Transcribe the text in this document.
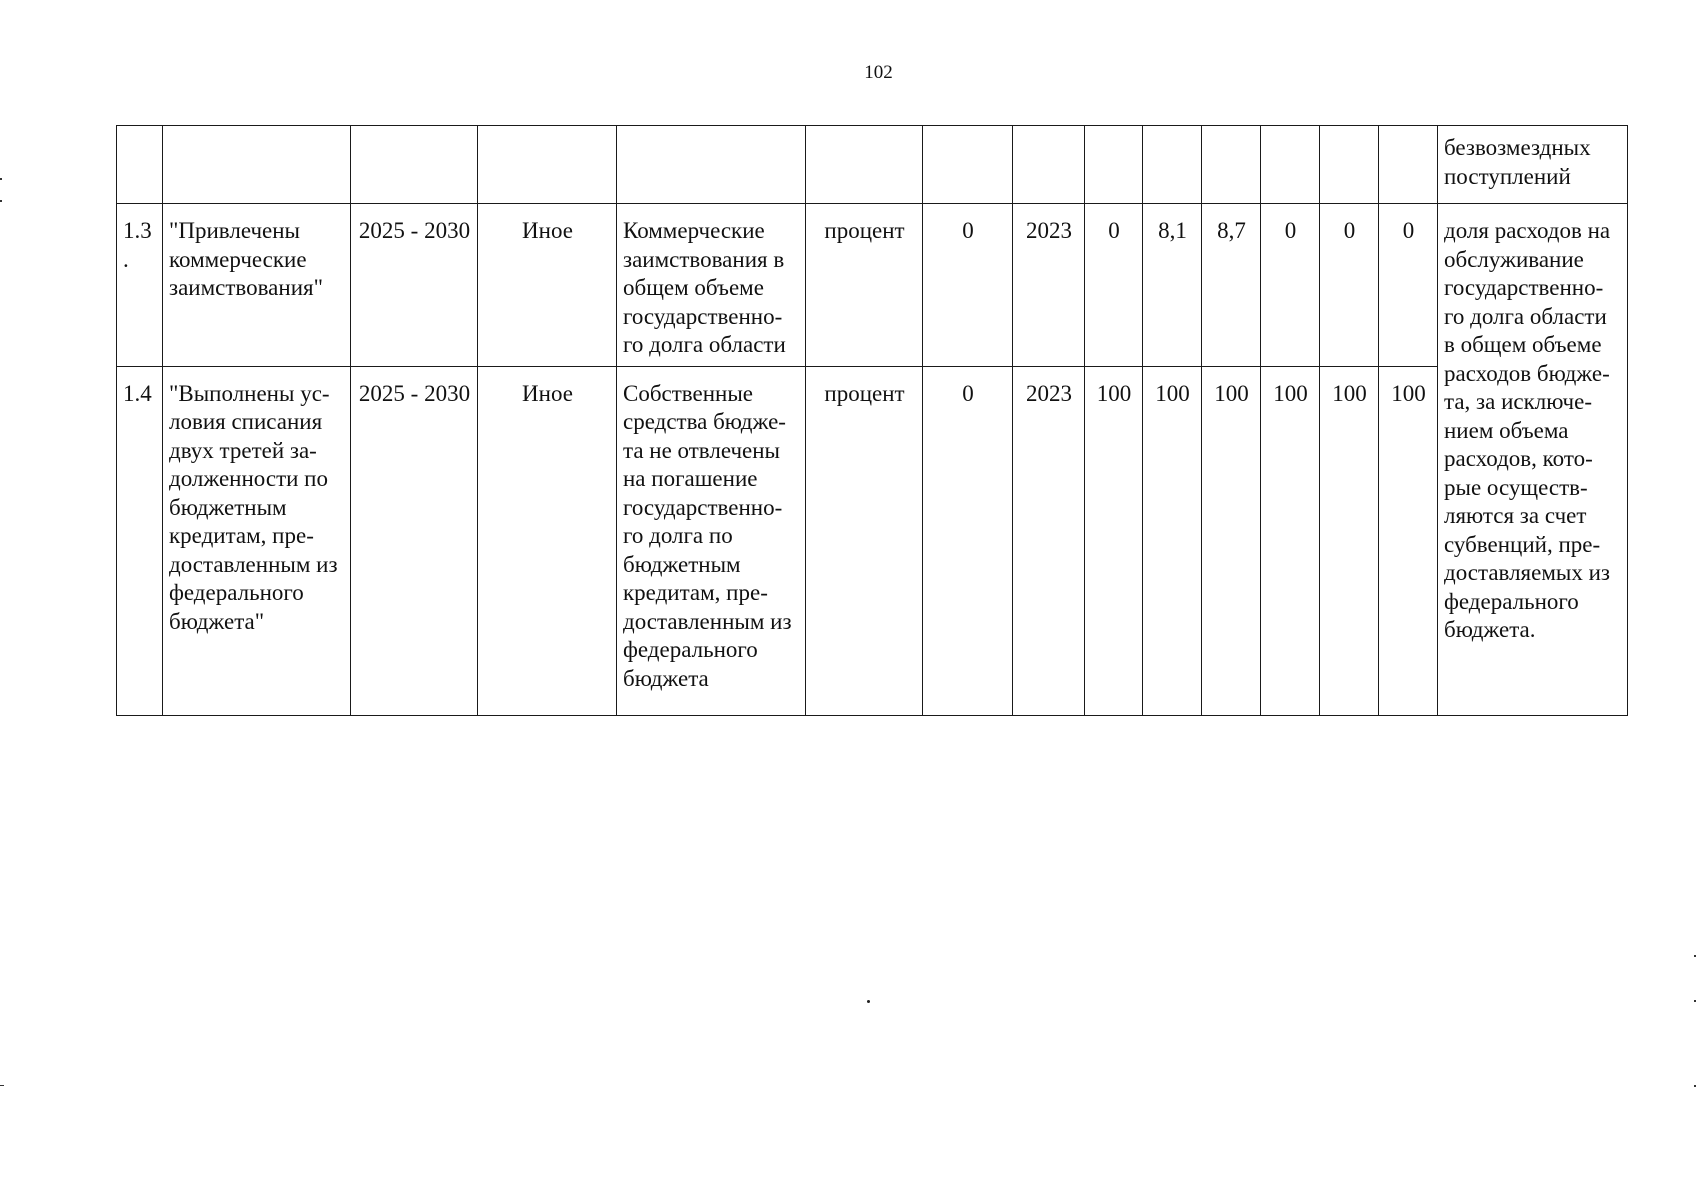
102
														безвозмездных поступлений
1.3 .	"Привлечены коммерческие заимствования"	2025 - 2030	Иное	Коммерческие заимствования в общем объеме государственно- го долга области	процент	0	2023	0	8,1	8,7	0	0	0	доля расходов на обслуживание государственно- го долга области в общем объеме расходов бюдже- та, за исключе- нием объема расходов, кото- рые осуществ- ляются за счет субвенций, пре- доставляемых из федерального бюджета.
1.4	"Выполнены ус- ловия списания двух третей за- долженности по бюджетным кредитам, пре- доставленным из федерального бюджета"	2025 - 2030	Иное	Собственные средства бюдже- та не отвлечены на погашение государственно- го долга по бюджетным кредитам, пре- доставленным из федерального бюджета	процент	0	2023	100	100	100	100	100	100	
